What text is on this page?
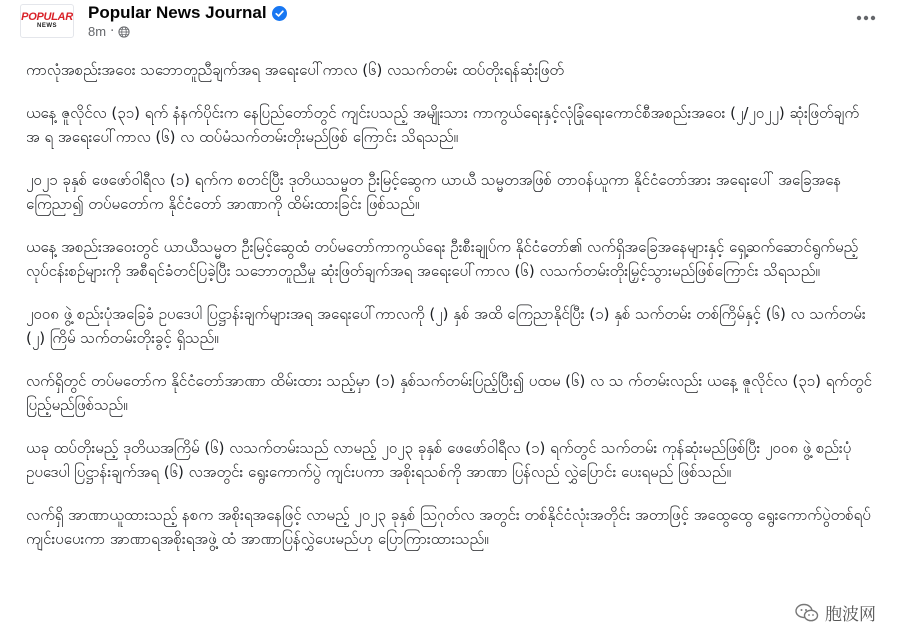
POPULAR
NEWS
Popular News Journal
8m ·

ကာလုံအစည်းအဝေး သဘောတူညီချက်အရ အရေးပေါ်ကာလ (၆) လသက်တမ်း ထပ်တိုးရန်ဆုံးဖြတ်

ယနေ့ ဇူလိုင်လ (၃၁) ရက် နံနက်ပိုင်းက နေပြည်တော်တွင် ကျင်းပသည့် အမျိုးသား ကာကွယ်ရေးနှင့်လုံခြုံရေးကောင်စီအစည်းအဝေး (၂/၂၀၂၂) ဆုံးဖြတ်ချက်အ ရ အရေးပေါ်ကာလ (၆) လ ထပ်မံသက်တမ်းတိုးမည်ဖြစ် ကြောင်း သိရသည်။

၂၀၂၁ ခုနှစ် ဖေဖော်ဝါရီလ (၁) ရက်က စတင်ပြီး ဒုတိယသမ္မတ ဦးမြင့်ဆွေက ယာယီ သမ္မတအဖြစ် တာဝန်ယူကာ နိုင်ငံတော်အား အရေးပေါ် အခြေအနေကြေညာ၍ တပ်မတော်က နိုင်ငံတော် အာဏာကို ထိမ်းထားခြင်း ဖြစ်သည်။

ယနေ့ အစည်းအဝေးတွင် ယာယီသမ္မတ ဦးမြင့်ဆွေထံ တပ်မတော်ကာကွယ်ရေး ဦးစီးချုပ်က နိုင်ငံတော်၏ လက်ရှိအခြေအနေများနှင့် ရှေ့ဆက်ဆောင်ရွက်မည့် လုပ်ငန်းစဉ်များကို အစီရင်ခံတင်ပြခဲ့ပြီး သဘောတူညီမှု ဆုံးဖြတ်ချက်အရ အရေးပေါ်ကာလ (၆) လသက်တမ်းတိုးမြှင့်သွားမည်ဖြစ်ကြောင်း သိရသည်။

၂၀၀၈ ဖွဲ့ စည်းပုံအခြေခံ ဥပဒေပါ ပြဋ္ဌာန်းချက်များအရ အရေးပေါ်ကာလကို (၂) နှစ် အထိ ကြေညာနိုင်ပြီး (၁) နှစ် သက်တမ်း တစ်ကြိမ်နှင့် (၆) လ သက်တမ်း (၂) ကြိမ် သက်တမ်းတိုးခွင့် ရှိသည်။

လက်ရှိတွင် တပ်မတော်က နိုင်ငံတော်အာဏာ ထိမ်းထား သည့်မှာ (၁) နှစ်သက်တမ်းပြည့်ပြီး၍ ပထမ (၆) လ သ က်တမ်းလည်း ယနေ့ ဇူလိုင်လ (၃၁) ရက်တွင် ပြည့်မည်ဖြစ်သည်။

ယခု ထပ်တိုးမည့် ဒုတိယအကြိမ် (၆) လသက်တမ်းသည် လာမည့် ၂၀၂၃ ခုနှစ် ဖေဖော်ဝါရီလ (၁) ရက်တွင် သက်တမ်း ကုန်ဆုံးမည်ဖြစ်ပြီး ၂၀၀၈ ဖွဲ့ စည်းပုံ ဥပဒေပါ ပြဋ္ဌာန်းချက်အရ (၆) လအတွင်း ရွေးကောက်ပွဲ ကျင်းပကာ အစိုးရသစ်ကို အာဏာ ပြန်လည် လွှဲပြောင်း ပေးရမည် ဖြစ်သည်။

လက်ရှိ အာဏာယူထားသည့် နစက အစိုးရအနေဖြင့် လာမည့် ၂၀၂၃ ခုနှစ် ဩဂုတ်လ အတွင်း တစ်နိုင်ငံလုံးအတိုင်း အတာဖြင့် အထွေထွေ ရွေးကောက်ပွဲတစ်ရပ် ကျင်းပပေးကာ အာဏာရအစိုးရအဖွဲ့ ထံ အာဏာပြန်လွှဲပေးမည်ဟု ပြောကြားထားသည်။

胞波网
